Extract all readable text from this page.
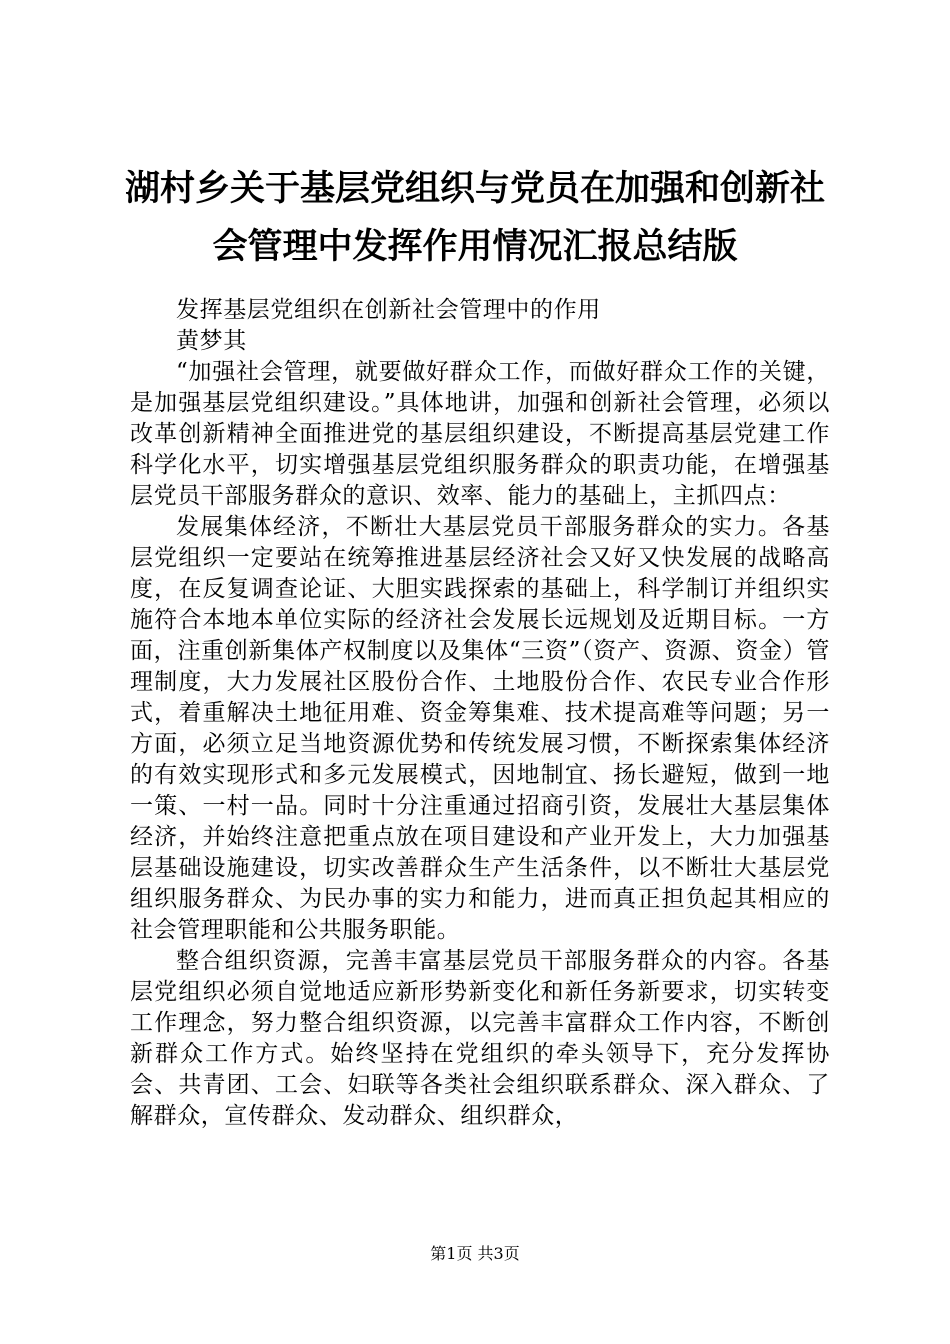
湖村乡关于基层党组织与党员在加强和创新社
会管理中发挥作用情况汇报总结版

发挥基层党组织在创新社会管理中的作用

黄梦其

“加强社会管理，就要做好群众工作，而做好群众工作的关键，是加强基层党组织建设。”具体地讲，加强和创新社会管理，必须以改革创新精神全面推进党的基层组织建设，不断提高基层党建工作科学化水平，切实增强基层党组织服务群众的职责功能，在增强基层党员干部服务群众的意识、效率、能力的基础上，主抓四点：

发展集体经济，不断壮大基层党员干部服务群众的实力。各基层党组织一定要站在统筹推进基层经济社会又好又快发展的战略高度，在反复调查论证、大胆实践探索的基础上，科学制订并组织实施符合本地本单位实际的经济社会发展长远规划及近期目标。一方面，注重创新集体产权制度以及集体“三资”（资产、资源、资金）管理制度，大力发展社区股份合作、土地股份合作、农民专业合作形式，着重解决土地征用难、资金筹集难、技术提高难等问题；另一方面，必须立足当地资源优势和传统发展习惯，不断探索集体经济的有效实现形式和多元发展模式，因地制宜、扬长避短，做到一地一策、一村一品。同时十分注重通过招商引资，发展壮大基层集体经济，并始终注意把重点放在项目建设和产业开发上，大力加强基层基础设施建设，切实改善群众生产生活条件，以不断壮大基层党组织服务群众、为民办事的实力和能力，进而真正担负起其相应的社会管理职能和公共服务职能。

整合组织资源，完善丰富基层党员干部服务群众的内容。各基层党组织必须自觉地适应新形势新变化和新任务新要求，切实转变工作理念，努力整合组织资源，以完善丰富群众工作内容，不断创新群众工作方式。始终坚持在党组织的牵头领导下，充分发挥协会、共青团、工会、妇联等各类社会组织联系群众、深入群众、了解群众，宣传群众、发动群众、组织群众，

第1页 共3页
